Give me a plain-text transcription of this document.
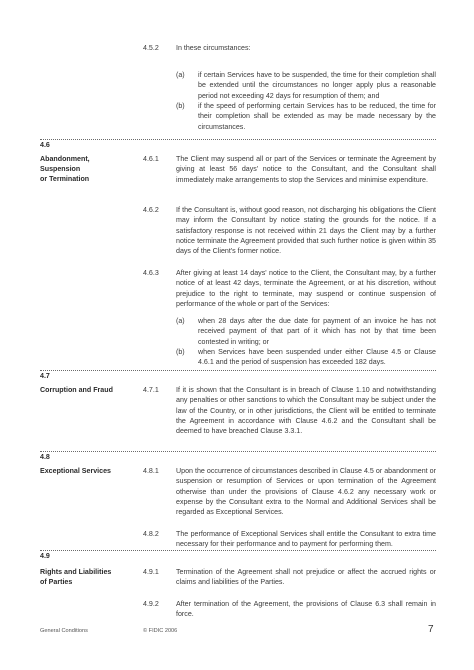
4.5.2 In these circumstances:
(a) if certain Services have to be suspended, the time for their completion shall be extended until the circumstances no longer apply plus a reasonable period not exceeding 42 days for resumption of them; and
(b) if the speed of performing certain Services has to be reduced, the time for their completion shall be extended as may be made necessary by the circumstances.
4.6
Abandonment,
Suspension
or Termination
4.6.1 The Client may suspend all or part of the Services or terminate the Agreement by giving at least 56 days' notice to the Consultant, and the Consultant shall immediately make arrangements to stop the Services and minimise expenditure.
4.6.2 If the Consultant is, without good reason, not discharging his obligations the Client may inform the Consultant by notice stating the grounds for the notice. If a satisfactory response is not received within 21 days the Client may by a further notice terminate the Agreement provided that such further notice is given within 35 days of the Client's former notice.
4.6.3 After giving at least 14 days' notice to the Client, the Consultant may, by a further notice of at least 42 days, terminate the Agreement, or at his discretion, without prejudice to the right to terminate, may suspend or continue suspension of performance of the whole or part of the Services:
(a) when 28 days after the due date for payment of an invoice he has not received payment of that part of it which has not by that time been contested in writing; or
(b) when Services have been suspended under either Clause 4.5 or Clause 4.6.1 and the period of suspension has exceeded 182 days.
4.7
Corruption and Fraud	4.7.1 If it is shown that the Consultant is in breach of Clause 1.10 and notwithstanding any penalties or other sanctions to which the Consultant may be subject under the law of the Country, or in other jurisdictions, the Client will be entitled to terminate the Agreement in accordance with Clause 4.6.2 and the Consultant shall be deemed to have breached Clause 3.3.1.
4.8
Exceptional Services	4.8.1 Upon the occurrence of circumstances described in Clause 4.5 or abandonment or suspension or resumption of Services or upon termination of the Agreement otherwise than under the provisions of Clause 4.6.2 any necessary work or expense by the Consultant extra to the Normal and Additional Services shall be regarded as Exceptional Services.
4.8.2 The performance of Exceptional Services shall entitle the Consultant to extra time necessary for their performance and to payment for performing them.
4.9
Rights and Liabilities
of Parties
4.9.1 Termination of the Agreement shall not prejudice or affect the accrued rights or claims and liabilities of the Parties.
4.9.2 After termination of the Agreement, the provisions of Clause 6.3 shall remain in force.
General Conditions	© FIDIC 2006	7
